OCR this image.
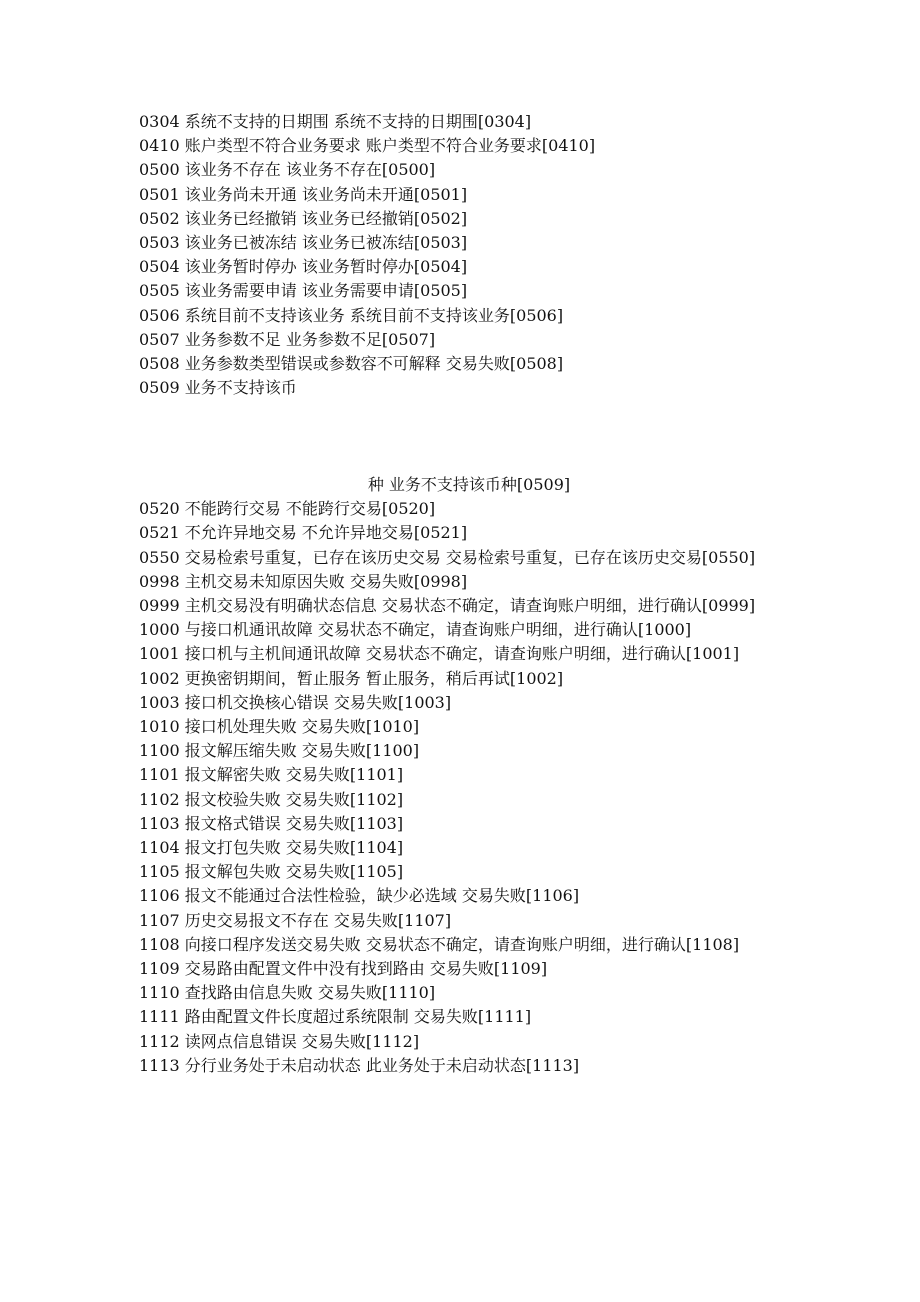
0304 系统不支持的日期围 系统不支持的日期围[0304]
0410 账户类型不符合业务要求 账户类型不符合业务要求[0410]
0500 该业务不存在 该业务不存在[0500]
0501 该业务尚未开通 该业务尚未开通[0501]
0502 该业务已经撤销 该业务已经撤销[0502]
0503 该业务已被冻结 该业务已被冻结[0503]
0504 该业务暂时停办 该业务暂时停办[0504]
0505 该业务需要申请 该业务需要申请[0505]
0506 系统目前不支持该业务 系统目前不支持该业务[0506]
0507 业务参数不足 业务参数不足[0507]
0508 业务参数类型错误或参数容不可解释 交易失败[0508]
0509 业务不支持该币
种 业务不支持该币种[0509]
0520 不能跨行交易 不能跨行交易[0520]
0521 不允许异地交易 不允许异地交易[0521]
0550 交易检索号重复，已存在该历史交易 交易检索号重复，已存在该历史交易[0550]
0998 主机交易未知原因失败 交易失败[0998]
0999 主机交易没有明确状态信息 交易状态不确定，请查询账户明细，进行确认[0999]
1000 与接口机通讯故障 交易状态不确定，请查询账户明细，进行确认[1000]
1001 接口机与主机间通讯故障 交易状态不确定，请查询账户明细，进行确认[1001]
1002 更换密钥期间，暂止服务 暂止服务，稍后再试[1002]
1003 接口机交换核心错误 交易失败[1003]
1010 接口机处理失败 交易失败[1010]
1100 报文解压缩失败 交易失败[1100]
1101 报文解密失败 交易失败[1101]
1102 报文校验失败 交易失败[1102]
1103 报文格式错误 交易失败[1103]
1104 报文打包失败 交易失败[1104]
1105 报文解包失败 交易失败[1105]
1106 报文不能通过合法性检验，缺少必选域 交易失败[1106]
1107 历史交易报文不存在 交易失败[1107]
1108 向接口程序发送交易失败 交易状态不确定，请查询账户明细，进行确认[1108]
1109 交易路由配置文件中没有找到路由 交易失败[1109]
1110 查找路由信息失败 交易失败[1110]
1111 路由配置文件长度超过系统限制 交易失败[1111]
1112 读网点信息错误 交易失败[1112]
1113 分行业务处于未启动状态 此业务处于未启动状态[1113]
